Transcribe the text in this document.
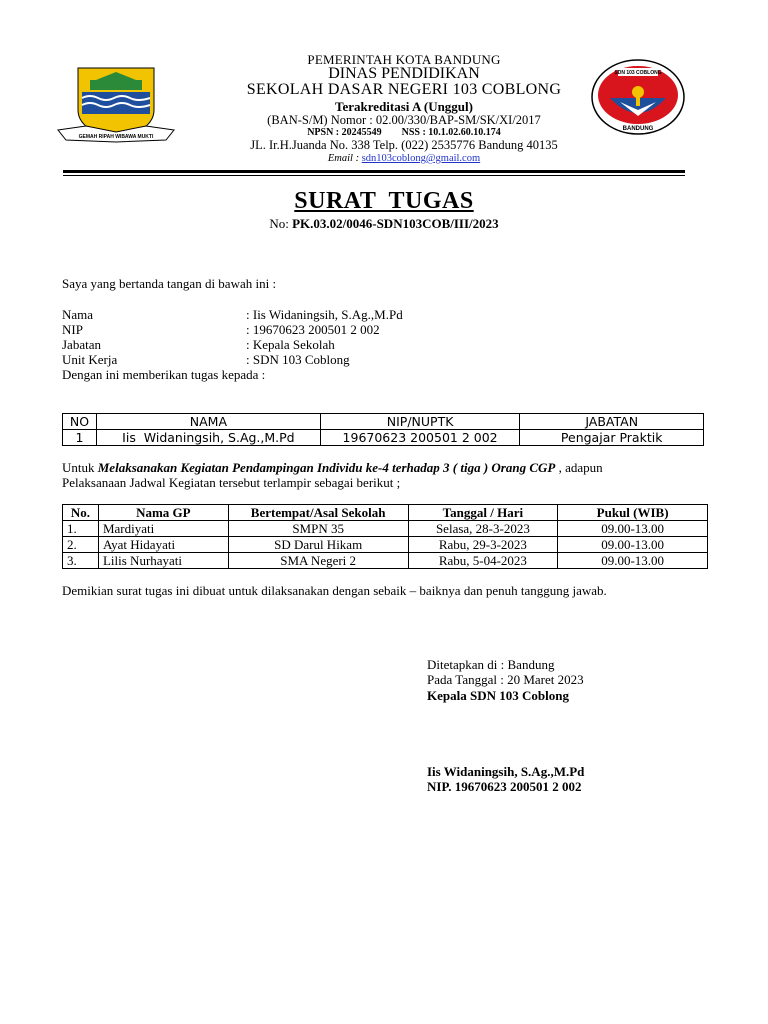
GEMAH RIPAH WIBAWA MUKTI
SDN 103 COBLONG
BANDUNG
PEMERINTAH KOTA BANDUNG
DINAS PENDIDIKAN
SEKOLAH DASAR NEGERI 103 COBLONG
Terakreditasi A (Unggul)
(BAN-S/M) Nomor : 02.00/330/BAP-SM/SK/XI/2017
NPSN : 20245549        NSS : 10.1.02.60.10.174
JL. Ir.H.Juanda No. 338 Telp. (022) 2535776 Bandung 40135
Email : sdn103coblong@gmail.com
SURAT  TUGAS
No: PK.03.02/0046-SDN103COB/III/2023
Saya yang bertanda tangan di bawah ini :
Nama	: Iis Widaningsih, S.Ag.,M.Pd
NIP	: 19670623 200501 2 002
Jabatan	: Kepala Sekolah
Unit Kerja	: SDN 103 Coblong
Dengan ini memberikan tugas kepada :
NO	NAMA	NIP/NUPTK	JABATAN
1	Iis  Widaningsih, S.Ag.,M.Pd	19670623 200501 2 002	Pengajar Praktik
Untuk Melaksanakan Kegiatan Pendampingan Individu ke-4 terhadap 3 ( tiga ) Orang CGP , adapun
Pelaksanaan Jadwal Kegiatan tersebut terlampir sebagai berikut ;
No.	Nama GP	Bertempat/Asal Sekolah	Tanggal / Hari	Pukul (WIB)
1.	Mardiyati	SMPN 35	Selasa, 28-3-2023	09.00-13.00
2.	Ayat Hidayati	SD Darul Hikam	Rabu, 29-3-2023	09.00-13.00
3.	Lilis Nurhayati	SMA Negeri 2	Rabu, 5-04-2023	09.00-13.00
Demikian surat tugas ini dibuat untuk dilaksanakan dengan sebaik – baiknya dan penuh tanggung jawab.
Ditetapkan di : Bandung
Pada Tanggal : 20 Maret 2023
Kepala SDN 103 Coblong
Iis Widaningsih, S.Ag.,M.Pd
NIP. 19670623 200501 2 002
